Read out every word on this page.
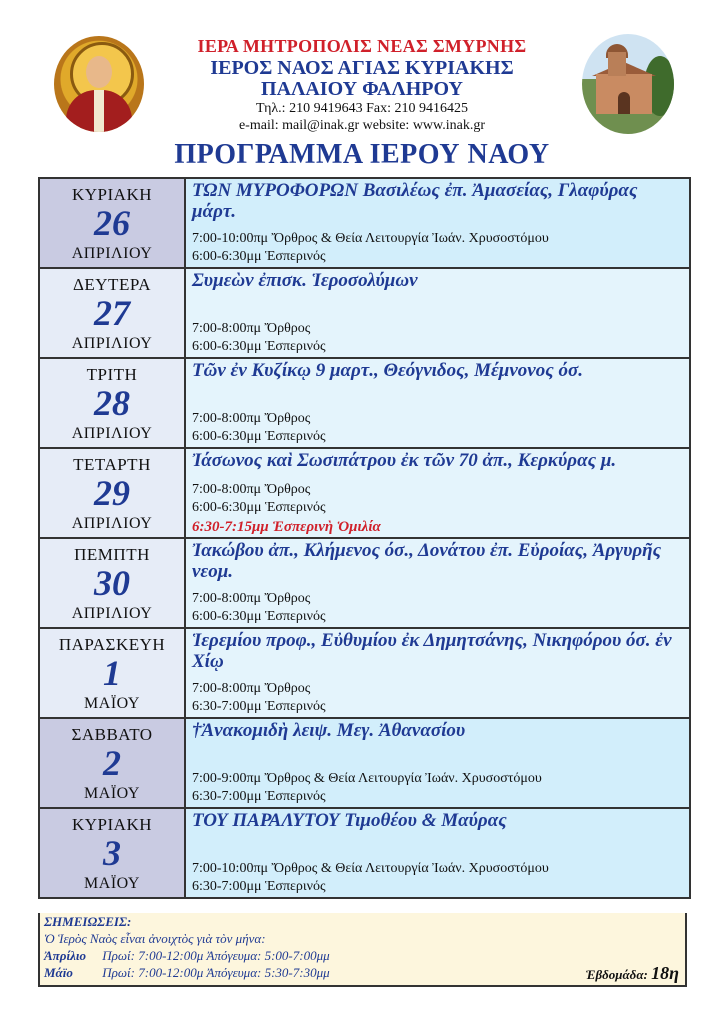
ΙΕΡΑ ΜΗΤΡΟΠΟΛΙΣ ΝΕΑΣ ΣΜΥΡΝΗΣ
ΙΕΡΟΣ ΝΑΟΣ ΑΓΙΑΣ ΚΥΡΙΑΚΗΣ
ΠΑΛΑΙΟΥ ΦΑΛΗΡΟΥ
Τηλ.: 210 9419643 Fax: 210 9416425
e-mail: mail@inak.gr website: www.inak.gr
ΠΡΟΓΡΑΜΜΑ ΙΕΡΟΥ ΝΑΟΥ
ΚΥΡΙΑΚΗ
26
ΑΠΡΙΛΙΟΥ
ΤΩΝ ΜΥΡΟΦΟΡΩΝ Βασιλέως ἐπ. Ἀμασείας, Γλαφύρας μάρτ.
7:00-10:00πμ Ὄρθρος & Θεία Λειτουργία Ἰωάν. Χρυσοστόμου
6:00-6:30μμ Ἑσπερινός
ΔΕΥΤΕΡΑ
27
ΑΠΡΙΛΙΟΥ
Συμεὼν ἐπισκ. Ἱεροσολύμων
7:00-8:00πμ Ὄρθρος
6:00-6:30μμ Ἑσπερινός
ΤΡΙΤΗ
28
ΑΠΡΙΛΙΟΥ
Τῶν ἐν Κυζίκῳ 9 μαρτ., Θεόγνιδος, Μέμνονος όσ.
7:00-8:00πμ Ὄρθρος
6:00-6:30μμ Ἑσπερινός
ΤΕΤΑΡΤΗ
29
ΑΠΡΙΛΙΟΥ
Ἰάσωνος καὶ Σωσιπάτρου ἐκ τῶν 70 ἀπ., Κερκύρας μ.
7:00-8:00πμ Ὄρθρος
6:00-6:30μμ Ἑσπερινός
6:30-7:15μμ Ἑσπερινὴ Ὁμιλία
ΠΕΜΠΤΗ
30
ΑΠΡΙΛΙΟΥ
Ἰακώβου ἀπ., Κλήμενος όσ., Δονάτου ἐπ. Εὐροίας, Ἀργυρῆς νεομ.
7:00-8:00πμ Ὄρθρος
6:00-6:30μμ Ἑσπερινός
ΠΑΡΑΣΚΕΥΗ
1
ΜΑΪΟΥ
Ἱερεμίου προφ., Εὐθυμίου ἐκ Δημητσάνης, Νικηφόρου όσ. ἐν Χίῳ
7:00-8:00πμ Ὄρθρος
6:30-7:00μμ Ἑσπερινός
ΣΑΒΒΑΤΟ
2
ΜΑΪΟΥ
†Ἀνακομιδὴ λειψ. Μεγ. Ἀθανασίου
7:00-9:00πμ Ὄρθρος & Θεία Λειτουργία Ἰωάν. Χρυσοστόμου
6:30-7:00μμ Ἑσπερινός
ΚΥΡΙΑΚΗ
3
ΜΑΪΟΥ
ΤΟΥ ΠΑΡΑΛΥΤΟΥ Τιμοθέου & Μαύρας
7:00-10:00πμ Ὄρθρος & Θεία Λειτουργία Ἰωάν. Χρυσοστόμου
6:30-7:00μμ Ἑσπερινός
ΣΗΜΕΙΩΣΕΙΣ:
Ὁ Ἱερὸς Ναὸς εἶναι ἀνοιχτὸς γιὰ τὸν μήνα:
Ἀπρίλιο Πρωί: 7:00-12:00μ Ἀπόγευμα: 5:00-7:00μμ
Μάϊο Πρωί: 7:00-12:00μ Ἀπόγευμα: 5:30-7:30μμ	Ἑβδομάδα: 18η
